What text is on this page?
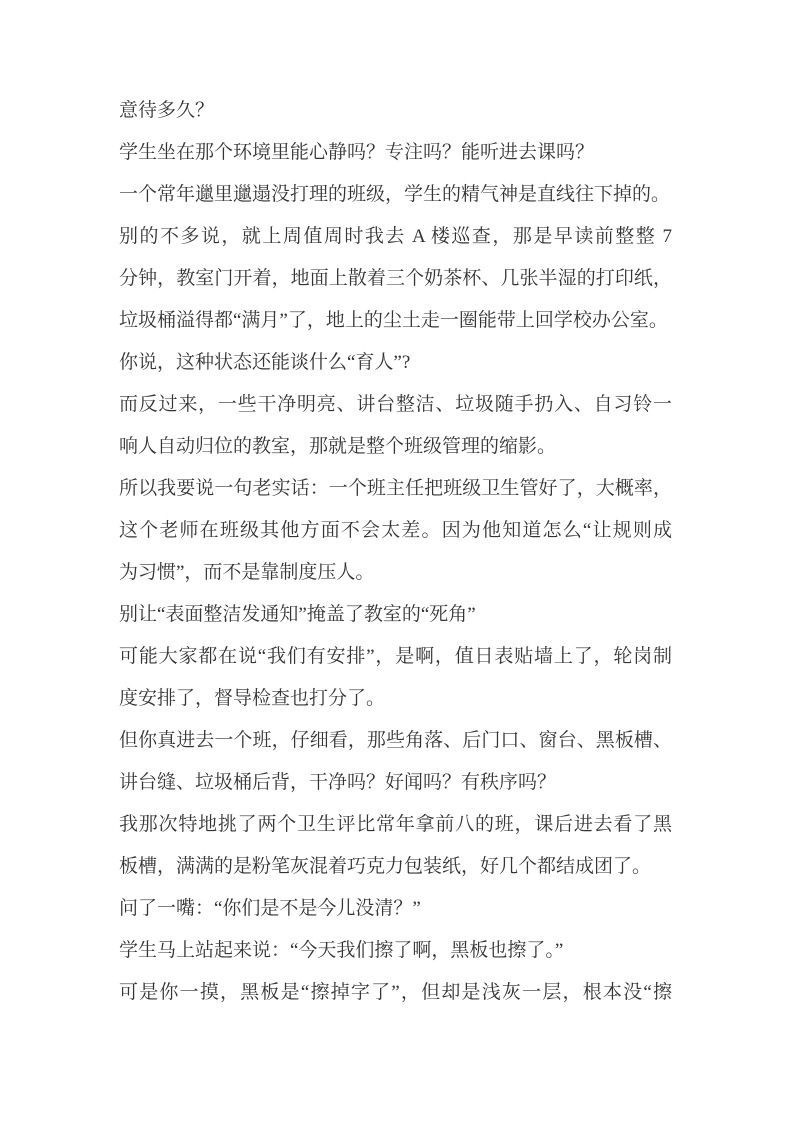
意待多久？
学生坐在那个环境里能心静吗？专注吗？能听进去课吗？
一个常年邋里邋遢没打理的班级，学生的精气神是直线往下掉的。
别的不多说，就上周值周时我去 A 楼巡查，那是早读前整整 7
分钟，教室门开着，地面上散着三个奶茶杯、几张半湿的打印纸，
垃圾桶溢得都“满月”了，地上的尘土走一圈能带上回学校办公室。
你说，这种状态还能谈什么“育人”?
而反过来，一些干净明亮、讲台整洁、垃圾随手扔入、自习铃一
响人自动归位的教室，那就是整个班级管理的缩影。
所以我要说一句老实话：一个班主任把班级卫生管好了，大概率，
这个老师在班级其他方面不会太差。因为他知道怎么“让规则成
为习惯”，而不是靠制度压人。
别让“表面整洁发通知”掩盖了教室的“死角”
可能大家都在说“我们有安排”，是啊，值日表贴墙上了，轮岗制
度安排了，督导检查也打分了。
但你真进去一个班，仔细看，那些角落、后门口、窗台、黑板槽、
讲台缝、垃圾桶后背，干净吗？好闻吗？有秩序吗？
我那次特地挑了两个卫生评比常年拿前八的班，课后进去看了黑
板槽，满满的是粉笔灰混着巧克力包装纸，好几个都结成团了。
问了一嘴：“你们是不是今儿没清？”
学生马上站起来说：“今天我们擦了啊，黑板也擦了。”
可是你一摸，黑板是“擦掉字了”，但却是浅灰一层，根本没“擦
